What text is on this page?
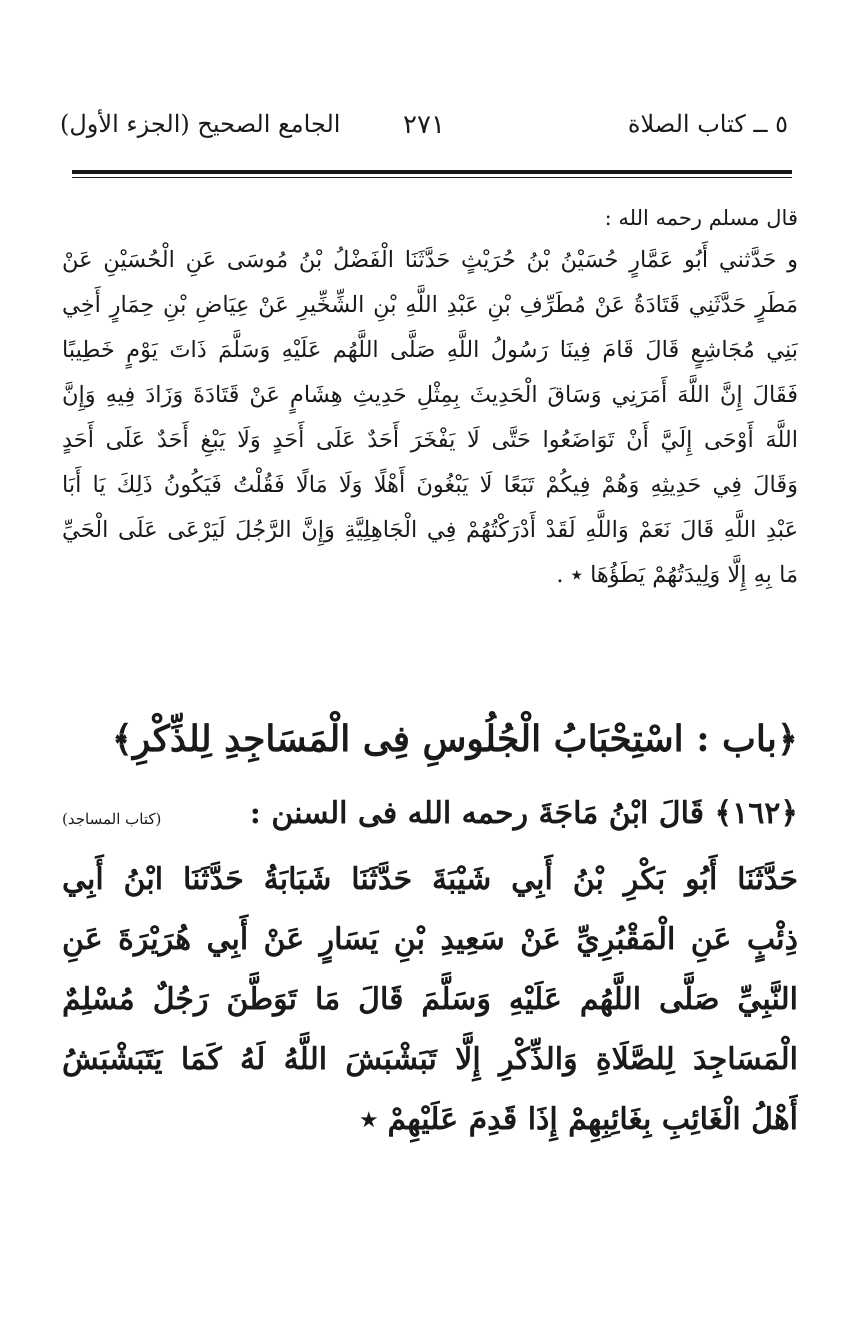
٥ ــ كتاب الصلاة
٢٧١
الجامع الصحيح (الجزء الأول)

قال مسلم رحمه الله :

و حَدَّثني أَبُو عَمَّارٍ حُسَيْنُ بْنُ حُرَيْثٍ حَدَّثَنَا الْفَضْلُ بْنُ مُوسَى عَنِ الْحُسَيْنِ عَنْ

مَطَرٍ حَدَّثَنِي قَتَادَةُ عَنْ مُطَرِّفِ بْنِ عَبْدِ اللَّهِ بْنِ الشِّخِّيرِ عَنْ عِيَاضِ بْنِ حِمَارٍ أَخِي

بَنِي مُجَاشِعٍ قَالَ قَامَ فِينَا رَسُولُ اللَّهِ صَلَّى اللَّهُم عَلَيْهِ وَسَلَّمَ ذَاتَ يَوْمٍ خَطِيبًا

فَقَالَ إِنَّ اللَّهَ أَمَرَنِي وَسَاقَ الْحَدِيثَ بِمِثْلِ حَدِيثِ هِشَامٍ عَنْ قَتَادَةَ وَزَادَ فِيهِ وَإِنَّ

اللَّهَ أَوْحَى إِلَيَّ أَنْ تَوَاضَعُوا حَتَّى لَا يَفْخَرَ أَحَدٌ عَلَى أَحَدٍ وَلَا يَبْغِ أَحَدٌ عَلَى أَحَدٍ

وَقَالَ فِي حَدِيثِهِ وَهُمْ فِيكُمْ تَبَعًا لَا يَبْغُونَ أَهْلًا وَلَا مَالًا فَقُلْتُ فَيَكُونُ ذَلِكَ يَا أَبَا

عَبْدِ اللَّهِ قَالَ نَعَمْ وَاللَّهِ لَقَدْ أَدْرَكْتُهُمْ فِي الْجَاهِلِيَّةِ وَإِنَّ الرَّجُلَ لَيَرْعَى عَلَى الْحَيِّ

مَا بِهِ إِلَّا وَلِيدَتُهُمْ يَطَؤُهَا ٭ .

﴿باب : اسْتِحْبَابُ الْجُلُوسِ فِى الْمَسَاجِدِ لِلذِّكْرِ﴾
﴿١٦٢﴾ قَالَ ابْنُ مَاجَةَ رحمه الله فى السنن :
(كتاب المساجد)

حَدَّثَنَا أَبُو بَكْرِ بْنُ أَبِي شَيْبَةَ حَدَّثَنَا شَبَابَةُ حَدَّثَنَا ابْنُ أَبِي

ذِئْبٍ عَنِ الْمَقْبُرِيِّ عَنْ سَعِيدِ بْنِ يَسَارٍ عَنْ أَبِي هُرَيْرَةَ عَنِ

النَّبِيِّ صَلَّى اللَّهُم عَلَيْهِ وَسَلَّمَ قَالَ مَا تَوَطَّنَ رَجُلٌ مُسْلِمٌ

الْمَسَاجِدَ لِلصَّلَاةِ وَالذِّكْرِ إِلَّا تَبَشْبَشَ اللَّهُ لَهُ كَمَا يَتَبَشْبَشُ

أَهْلُ الْغَائِبِ بِغَائِبِهِمْ إِذَا قَدِمَ عَلَيْهِمْ ٭
